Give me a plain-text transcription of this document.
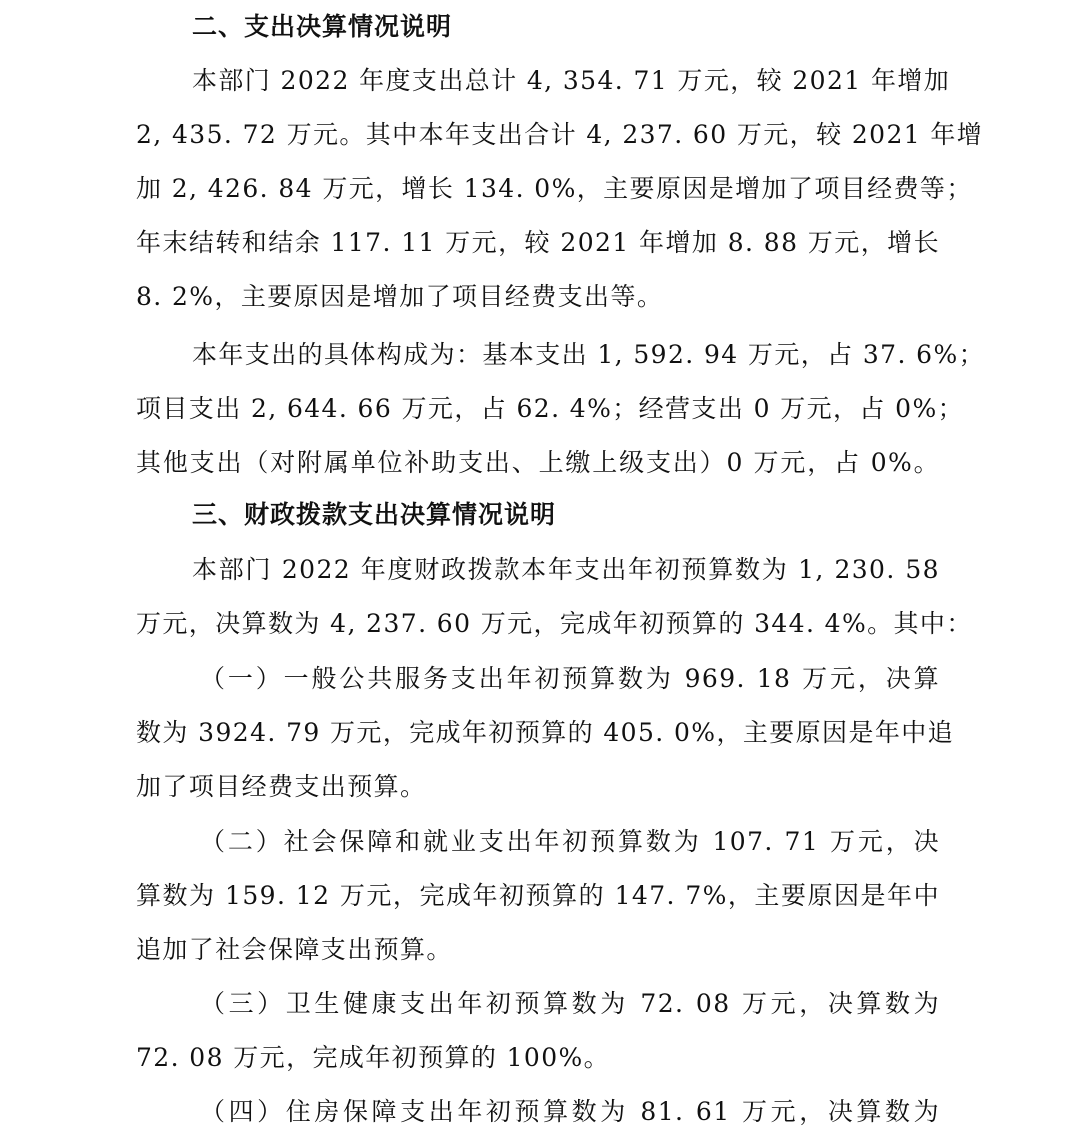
二、支出决算情况说明
本部门 2022 年度支出总计 4, 354. 71 万元，较 2021 年增加
2, 435. 72 万元。其中本年支出合计 4, 237. 60 万元，较 2021 年增
加 2, 426. 84 万元，增长 134. 0%，主要原因是增加了项目经费等；
年末结转和结余 117. 11 万元，较 2021 年增加 8. 88 万元，增长
8. 2%，主要原因是增加了项目经费支出等。
本年支出的具体构成为：基本支出 1, 592. 94 万元，占 37. 6%；
项目支出 2, 644. 66 万元，占 62. 4%；经营支出 0 万元，占 0%；
其他支出（对附属单位补助支出、上缴上级支出）0 万元，占 0%。
三、财政拨款支出决算情况说明
本部门 2022 年度财政拨款本年支出年初预算数为 1, 230. 58
万元，决算数为 4, 237. 60 万元，完成年初预算的 344. 4%。其中：
（一）一般公共服务支出年初预算数为 969. 18 万元，决算
数为 3924. 79 万元，完成年初预算的 405. 0%，主要原因是年中追
加了项目经费支出预算。
（二）社会保障和就业支出年初预算数为 107. 71 万元，决
算数为 159. 12 万元，完成年初预算的 147. 7%，主要原因是年中
追加了社会保障支出预算。
（三）卫生健康支出年初预算数为 72. 08 万元，决算数为
72. 08 万元，完成年初预算的 100%。
（四）住房保障支出年初预算数为 81. 61 万元，决算数为
